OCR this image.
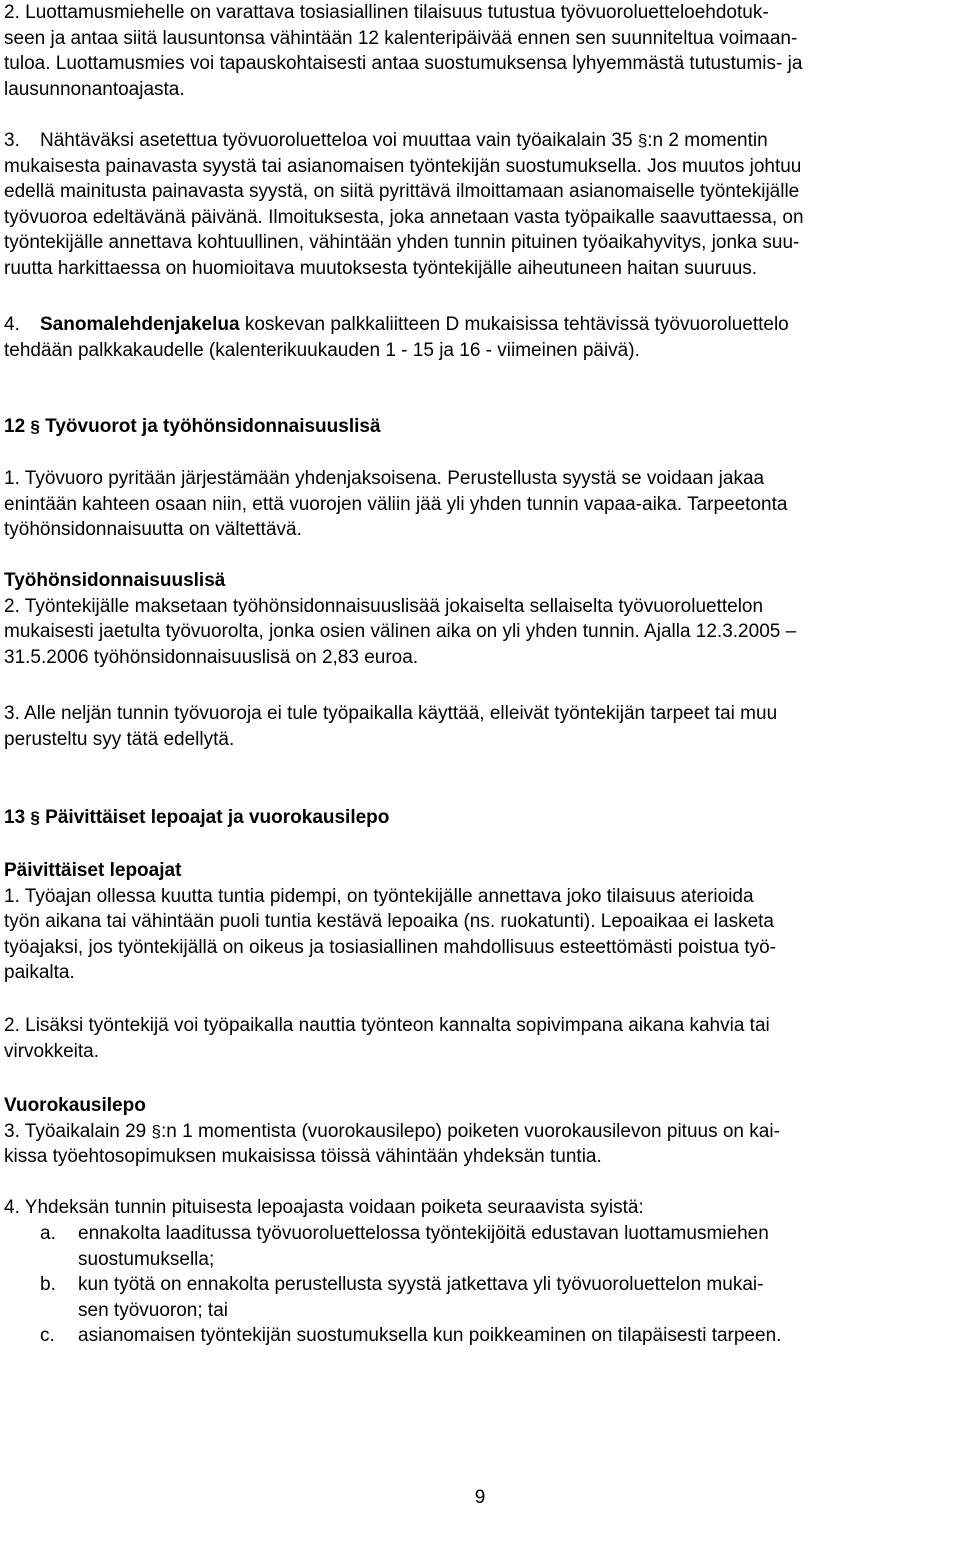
2. Luottamusmiehelle on varattava tosiasiallinen tilaisuus tutustua työvuoroluetteloehdotuk-
seen ja antaa siitä lausuntonsa vähintään 12 kalenteripäivää ennen sen suunniteltua voimaan-
tuloa. Luottamusmies voi tapauskohtaisesti antaa suostumuksensa lyhyemmästä tutustumis- ja
lausunnonantoajasta.
3. Nähtäväksi asetettua työvuoroluetteloa voi muuttaa vain työaikalain 35 §:n 2 momentin
mukaisesta painavasta syystä tai asianomaisen työntekijän suostumuksella. Jos muutos johtuu
edellä mainitusta painavasta syystä, on siitä pyrittävä ilmoittamaan asianomaiselle työntekijälle
työvuoroa edeltävänä päivänä. Ilmoituksesta, joka annetaan vasta työpaikalle saavuttaessa, on
työntekijälle annettava kohtuullinen, vähintään yhden tunnin pituinen työaikahyvitys, jonka suu-
ruutta harkittaessa on huomioitava muutoksesta työntekijälle aiheutuneen haitan suuruus.
4. Sanomalehdenjakelua koskevan palkkaliitteen D mukaisissa tehtävissä työvuoroluettelo
tehdään palkkakaudelle (kalenterikuukauden 1 - 15 ja 16 - viimeinen päivä).
12 § Työvuorot ja työhönsidonnaisuuslisä
1. Työvuoro pyritään järjestämään yhdenjaksoisena. Perustellusta syystä se voidaan jakaa
enintään kahteen osaan niin, että vuorojen väliin jää yli yhden tunnin vapaa-aika. Tarpeetonta
työhönsidonnaisuutta on vältettävä.
Työhönsidonnaisuuslisä
2. Työntekijälle maksetaan työhönsidonnaisuuslisää jokaiselta sellaiselta työvuoroluettelon
mukaisesti jaetulta työvuorolta, jonka osien välinen aika on yli yhden tunnin. Ajalla 12.3.2005 –
31.5.2006 työhönsidonnaisuuslisä on 2,83 euroa.
3. Alle neljän tunnin työvuoroja ei tule työpaikalla käyttää, elleivät työntekijän tarpeet tai muu
perusteltu syy tätä edellytä.
13 § Päivittäiset lepoajat ja vuorokausilepo
Päivittäiset lepoajat
1. Työajan ollessa kuutta tuntia pidempi, on työntekijälle annettava joko tilaisuus aterioida
työn aikana tai vähintään puoli tuntia kestävä lepoaika (ns. ruokatunti). Lepoaikaa ei lasketa
työajaksi, jos työntekijällä on oikeus ja tosiasiallinen mahdollisuus esteettömästi poistua työ-
paikalta.
2. Lisäksi työntekijä voi työpaikalla nauttia työnteon kannalta sopivimpana aikana kahvia tai
virvokkeita.
Vuorokausilepo
3. Työaikalain 29 §:n 1 momentista (vuorokausilepo) poiketen vuorokausilevon pituus on kai-
kissa työehtosopimuksen mukaisissa töissä vähintään yhdeksän tuntia.
4. Yhdeksän tunnin pituisesta lepoajasta voidaan poiketa seuraavista syistä:
a. ennakolta laaditussa työvuoroluettelossa työntekijöitä edustavan luottamusmiehen
suostumuksella;
b. kun työtä on ennakolta perustellusta syystä jatkettava yli työvuoroluettelon mukai-
sen työvuoron; tai
c. asianomaisen työntekijän suostumuksella kun poikkeaminen on tilapäisesti tarpeen.
9
